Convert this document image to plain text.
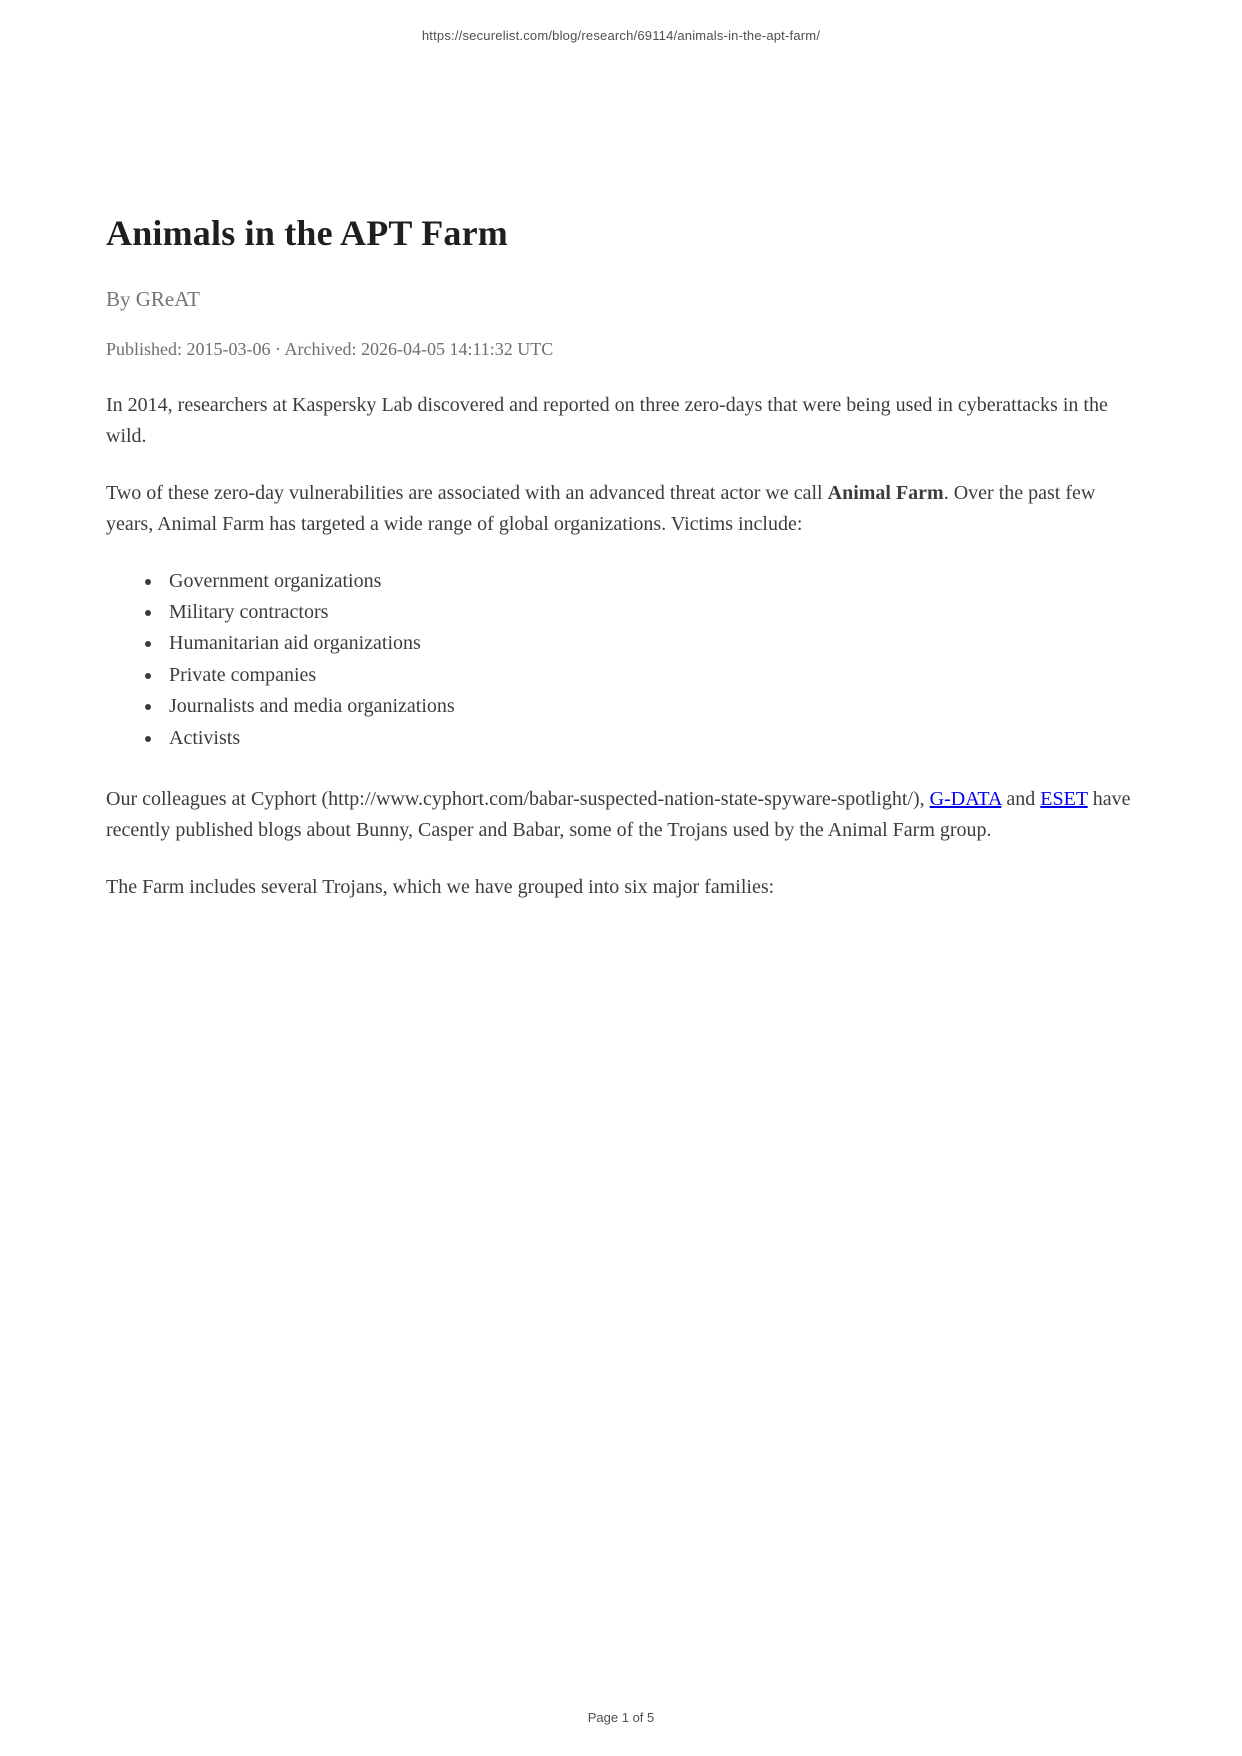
https://securelist.com/blog/research/69114/animals-in-the-apt-farm/
Animals in the APT Farm
By GReAT
Published: 2015-03-06 · Archived: 2026-04-05 14:11:32 UTC

In 2014, researchers at Kaspersky Lab discovered and reported on three zero-days that were being used in cyberattacks in the wild.

Two of these zero-day vulnerabilities are associated with an advanced threat actor we call Animal Farm. Over the past few years, Animal Farm has targeted a wide range of global organizations. Victims include:

• Government organizations
• Military contractors
• Humanitarian aid organizations
• Private companies
• Journalists and media organizations
• Activists

Our colleagues at Cyphort (http://www.cyphort.com/babar-suspected-nation-state-spyware-spotlight/), G-DATA and ESET have recently published blogs about Bunny, Casper and Babar, some of the Trojans used by the Animal Farm group.

The Farm includes several Trojans, which we have grouped into six major families:

Page 1 of 5
